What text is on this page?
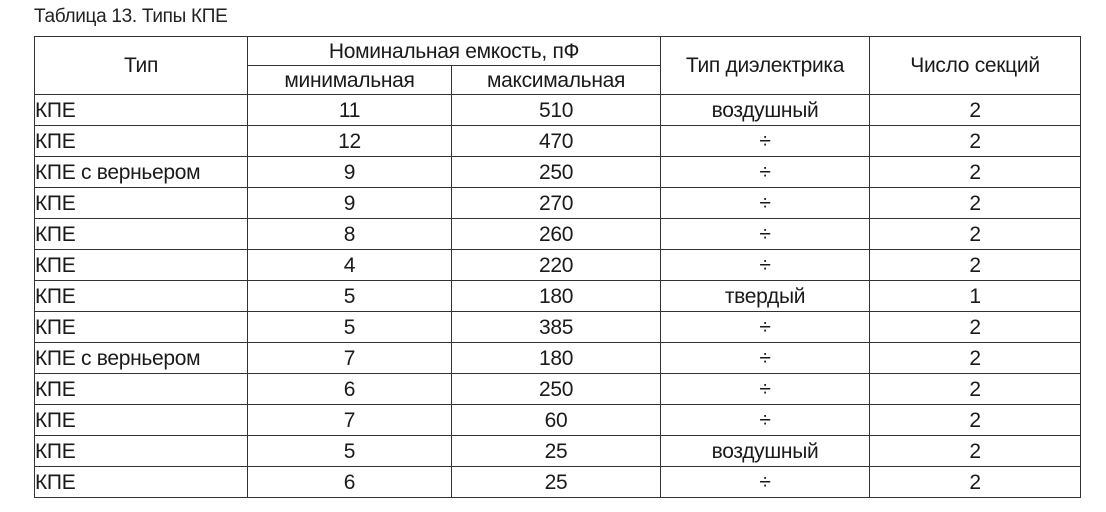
Таблица 13. Типы КПЕ
Тип	Номинальная емкость, пФ		Тип диэлектрика	Число секций
	минимальная	максимальная		
КПЕ	11	510	воздушный	2
КПЕ	12	470	÷	2
КПЕ с верньером	9	250	÷	2
КПЕ	9	270	÷	2
КПЕ	8	260	÷	2
КПЕ	4	220	÷	2
КПЕ	5	180	твердый	1
КПЕ	5	385	÷	2
КПЕ с верньером	7	180	÷	2
КПЕ	6	250	÷	2
КПЕ	7	60	÷	2
КПЕ	5	25	воздушный	2
КПЕ	6	25	÷	2
